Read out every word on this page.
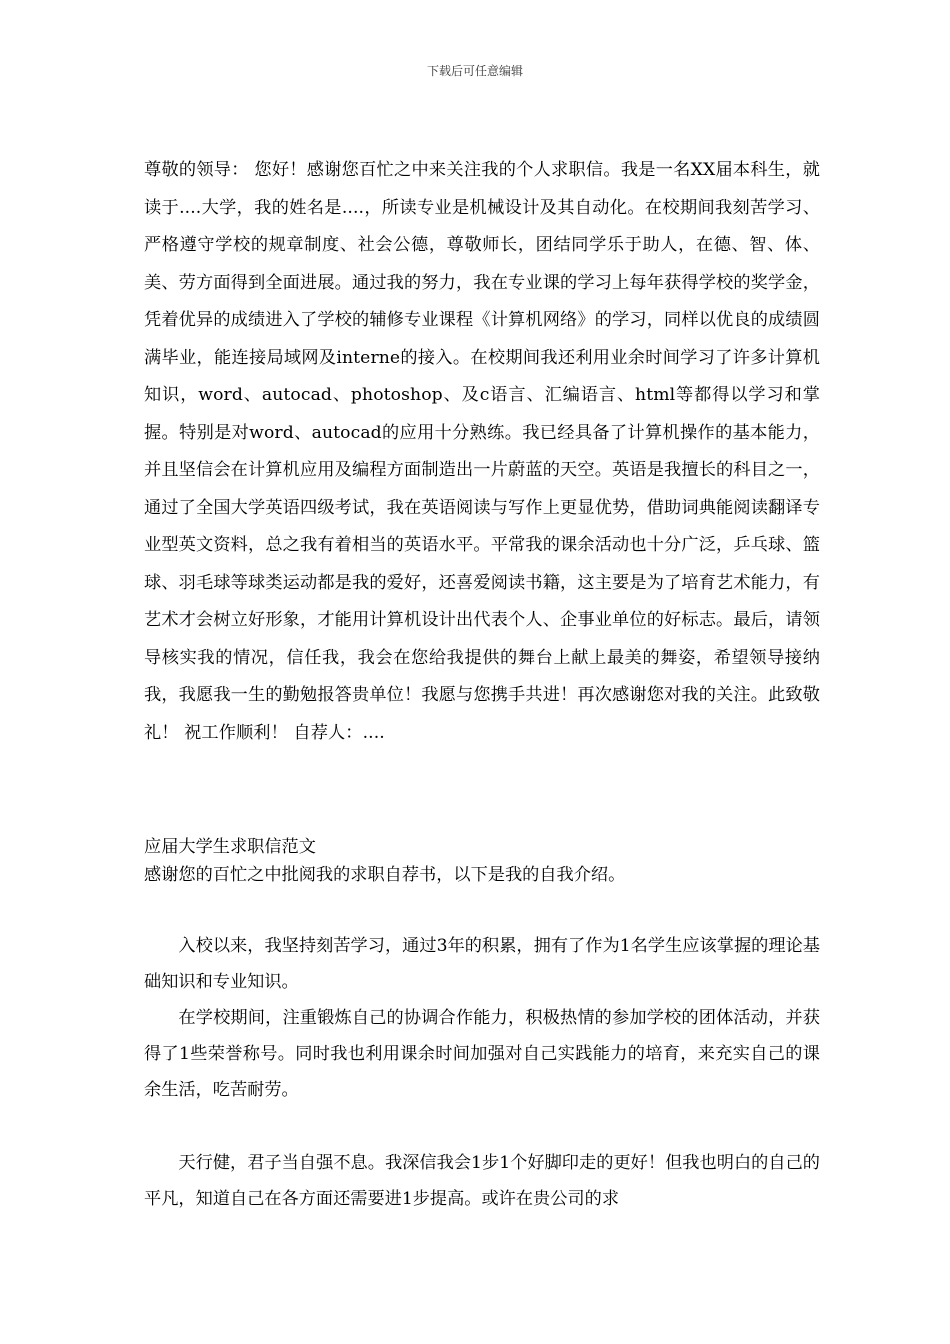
下载后可任意编辑

尊敬的领导： 您好！感谢您百忙之中来关注我的个人求职信。我是一名XX届本科生，就读于....大学，我的姓名是....，所读专业是机械设计及其自动化。在校期间我刻苦学习、严格遵守学校的规章制度、社会公德，尊敬师长，团结同学乐于助人，在德、智、体、美、劳方面得到全面进展。通过我的努力，我在专业课的学习上每年获得学校的奖学金，凭着优异的成绩进入了学校的辅修专业课程《计算机网络》的学习，同样以优良的成绩圆满毕业，能连接局域网及interne的接入。在校期间我还利用业余时间学习了许多计算机知识，word、autocad、photoshop、及c语言、汇编语言、html等都得以学习和掌握。特别是对word、autocad的应用十分熟练。我已经具备了计算机操作的基本能力，并且坚信会在计算机应用及编程方面制造出一片蔚蓝的天空。英语是我擅长的科目之一，通过了全国大学英语四级考试，我在英语阅读与写作上更显优势，借助词典能阅读翻译专业型英文资料，总之我有着相当的英语水平。平常我的课余活动也十分广泛，乒乓球、篮球、羽毛球等球类运动都是我的爱好，还喜爱阅读书籍，这主要是为了培育艺术能力，有艺术才会树立好形象，才能用计算机设计出代表个人、企事业单位的好标志。最后，请领导核实我的情况，信任我，我会在您给我提供的舞台上献上最美的舞姿，希望领导接纳我，我愿我一生的勤勉报答贵单位！我愿与您携手共进！再次感谢您对我的关注。此致敬礼！ 祝工作顺利！ 自荐人：....

应届大学生求职信范文

感谢您的百忙之中批阅我的求职自荐书，以下是我的自我介绍。

入校以来，我坚持刻苦学习，通过3年的积累，拥有了作为1名学生应该掌握的理论基础知识和专业知识。

在学校期间，注重锻炼自己的协调合作能力，积极热情的参加学校的团体活动，并获得了1些荣誉称号。同时我也利用课余时间加强对自己实践能力的培育，来充实自己的课余生活，吃苦耐劳。

天行健，君子当自强不息。我深信我会1步1个好脚印走的更好！但我也明白的自己的平凡，知道自己在各方面还需要进1步提高。或许在贵公司的求
